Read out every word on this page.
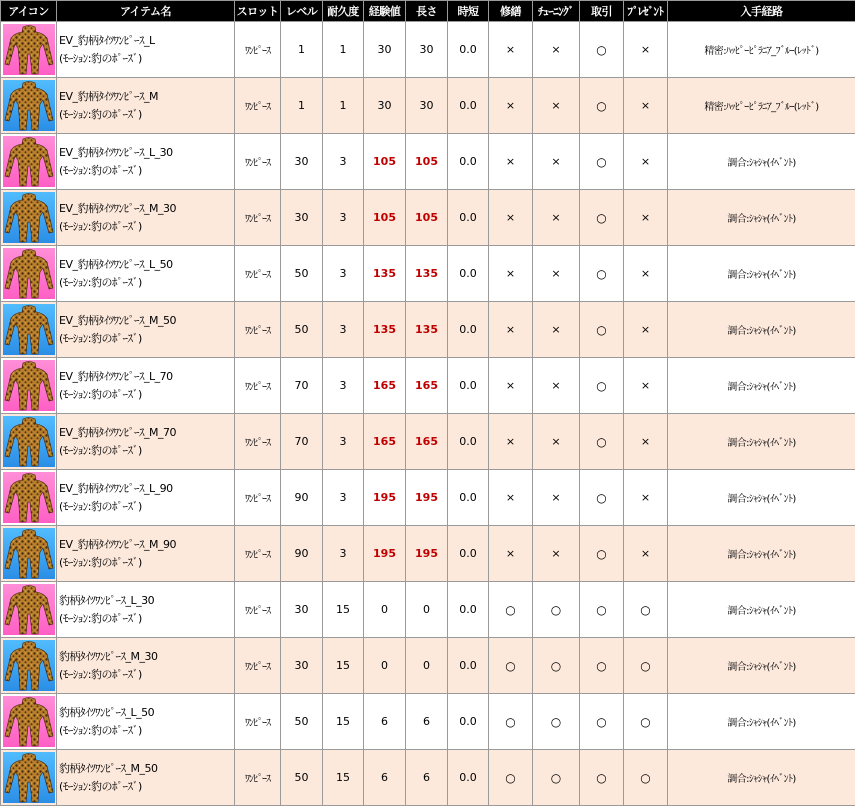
アイコン	アイテム名	スロット	レベル	耐久度	経験値	長さ	時短	修繕	ﾁｭｰﾆﾝｸﾞ	取引	ﾌﾟﾚｾﾞﾝﾄ	入手経路

EV_豹柄ﾀｲﾂﾜﾝﾋﾟｰｽ_L
(ﾓｰｼｮﾝ:豹のﾎﾟｰｽﾞ)	ﾜﾝﾋﾟｰｽ	1	1	30	30	0.0	×	×	○	×	精密:ﾊｯﾋﾟｰﾋﾟﾗﾆｱ_ﾌﾞﾙｰ(ﾚｯﾄﾞ)

EV_豹柄ﾀｲﾂﾜﾝﾋﾟｰｽ_M
(ﾓｰｼｮﾝ:豹のﾎﾟｰｽﾞ)	ﾜﾝﾋﾟｰｽ	1	1	30	30	0.0	×	×	○	×	精密:ﾊｯﾋﾟｰﾋﾟﾗﾆｱ_ﾌﾞﾙｰ(ﾚｯﾄﾞ)

EV_豹柄ﾀｲﾂﾜﾝﾋﾟｰｽ_L_30
(ﾓｰｼｮﾝ:豹のﾎﾟｰｽﾞ)	ﾜﾝﾋﾟｰｽ	30	3	105	105	0.0	×	×	○	×	調合:ｼｬｼｬ(ｲﾍﾞﾝﾄ)

EV_豹柄ﾀｲﾂﾜﾝﾋﾟｰｽ_M_30
(ﾓｰｼｮﾝ:豹のﾎﾟｰｽﾞ)	ﾜﾝﾋﾟｰｽ	30	3	105	105	0.0	×	×	○	×	調合:ｼｬｼｬ(ｲﾍﾞﾝﾄ)

EV_豹柄ﾀｲﾂﾜﾝﾋﾟｰｽ_L_50
(ﾓｰｼｮﾝ:豹のﾎﾟｰｽﾞ)	ﾜﾝﾋﾟｰｽ	50	3	135	135	0.0	×	×	○	×	調合:ｼｬｼｬ(ｲﾍﾞﾝﾄ)

EV_豹柄ﾀｲﾂﾜﾝﾋﾟｰｽ_M_50
(ﾓｰｼｮﾝ:豹のﾎﾟｰｽﾞ)	ﾜﾝﾋﾟｰｽ	50	3	135	135	0.0	×	×	○	×	調合:ｼｬｼｬ(ｲﾍﾞﾝﾄ)

EV_豹柄ﾀｲﾂﾜﾝﾋﾟｰｽ_L_70
(ﾓｰｼｮﾝ:豹のﾎﾟｰｽﾞ)	ﾜﾝﾋﾟｰｽ	70	3	165	165	0.0	×	×	○	×	調合:ｼｬｼｬ(ｲﾍﾞﾝﾄ)

EV_豹柄ﾀｲﾂﾜﾝﾋﾟｰｽ_M_70
(ﾓｰｼｮﾝ:豹のﾎﾟｰｽﾞ)	ﾜﾝﾋﾟｰｽ	70	3	165	165	0.0	×	×	○	×	調合:ｼｬｼｬ(ｲﾍﾞﾝﾄ)

EV_豹柄ﾀｲﾂﾜﾝﾋﾟｰｽ_L_90
(ﾓｰｼｮﾝ:豹のﾎﾟｰｽﾞ)	ﾜﾝﾋﾟｰｽ	90	3	195	195	0.0	×	×	○	×	調合:ｼｬｼｬ(ｲﾍﾞﾝﾄ)

EV_豹柄ﾀｲﾂﾜﾝﾋﾟｰｽ_M_90
(ﾓｰｼｮﾝ:豹のﾎﾟｰｽﾞ)	ﾜﾝﾋﾟｰｽ	90	3	195	195	0.0	×	×	○	×	調合:ｼｬｼｬ(ｲﾍﾞﾝﾄ)

豹柄ﾀｲﾂﾜﾝﾋﾟｰｽ_L_30
(ﾓｰｼｮﾝ:豹のﾎﾟｰｽﾞ)	ﾜﾝﾋﾟｰｽ	30	15	0	0	0.0	○	○	○	○	調合:ｼｬｼｬ(ｲﾍﾞﾝﾄ)

豹柄ﾀｲﾂﾜﾝﾋﾟｰｽ_M_30
(ﾓｰｼｮﾝ:豹のﾎﾟｰｽﾞ)	ﾜﾝﾋﾟｰｽ	30	15	0	0	0.0	○	○	○	○	調合:ｼｬｼｬ(ｲﾍﾞﾝﾄ)

豹柄ﾀｲﾂﾜﾝﾋﾟｰｽ_L_50
(ﾓｰｼｮﾝ:豹のﾎﾟｰｽﾞ)	ﾜﾝﾋﾟｰｽ	50	15	6	6	0.0	○	○	○	○	調合:ｼｬｼｬ(ｲﾍﾞﾝﾄ)

豹柄ﾀｲﾂﾜﾝﾋﾟｰｽ_M_50
(ﾓｰｼｮﾝ:豹のﾎﾟｰｽﾞ)	ﾜﾝﾋﾟｰｽ	50	15	6	6	0.0	○	○	○	○	調合:ｼｬｼｬ(ｲﾍﾞﾝﾄ)
